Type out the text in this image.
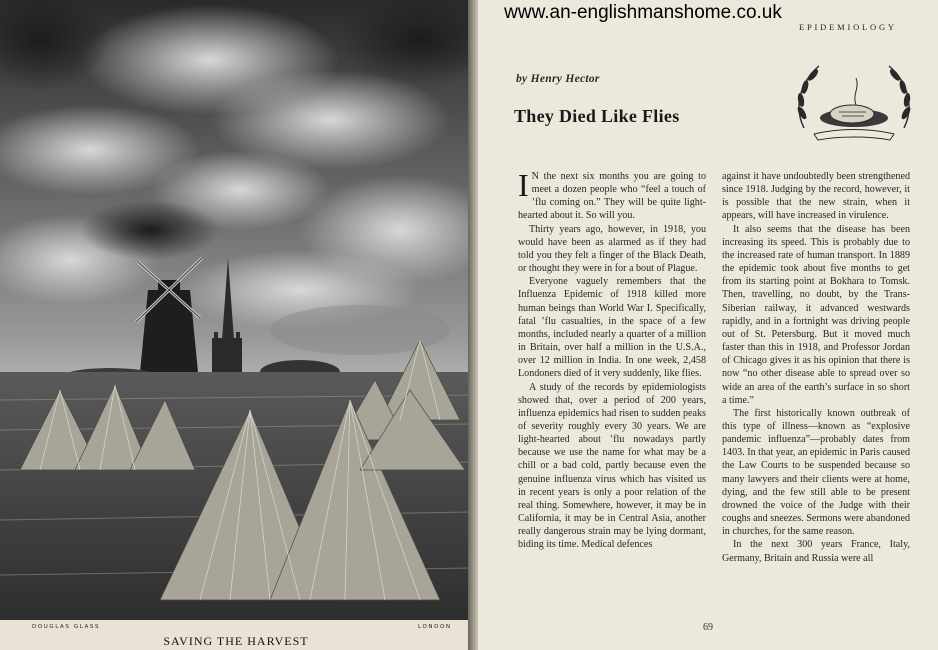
DOUGLAS GLASS	LONDON
SAVING THE HARVEST
www.an-englishmanshome.co.uk
EPIDEMIOLOGY
by Henry Hector
They Died Like Flies

I N the next six months you are going to meet a dozen people who “feel a touch of ’flu coming on.” They will be quite light-hearted about it. So will you.

Thirty years ago, however, in 1918, you would have been as alarmed as if they had told you they felt a finger of the Black Death, or thought they were in for a bout of Plague.

Everyone vaguely remembers that the Influenza Epidemic of 1918 killed more human beings than World War I. Specifically, fatal ’flu casualties, in the space of a few months, included nearly a quarter of a million in Britain, over half a million in the U.S.A., over 12 million in India. In one week, 2,458 Londoners died of it very suddenly, like flies.

A study of the records by epidemiologists showed that, over a period of 200 years, influenza epidemics had risen to sudden peaks of severity roughly every 30 years. We are light-hearted about ’flu nowadays partly because we use the name for what may be a chill or a bad cold, partly because even the genuine influenza virus which has visited us in recent years is only a poor relation of the real thing. Somewhere, however, it may be in California, it may be in Central Asia, another really dangerous strain may be lying dormant, biding its time. Medical defences

against it have undoubtedly been strengthened since 1918. Judging by the record, however, it is possible that the new strain, when it appears, will have increased in virulence.

It also seems that the disease has been increasing its speed. This is probably due to the increased rate of human transport. In 1889 the epidemic took about five months to get from its starting point at Bokhara to Tomsk. Then, travelling, no doubt, by the Trans-Siberian railway, it advanced westwards rapidly, and in a fortnight was driving people out of St. Petersburg. But it moved much faster than this in 1918, and Professor Jordan of Chicago gives it as his opinion that there is now “no other disease able to spread over so wide an area of the earth’s surface in so short a time.”

The first historically known outbreak of this type of illness—known as “explosive pandemic influenza”—probably dates from 1403. In that year, an epidemic in Paris caused the Law Courts to be suspended because so many lawyers and their clients were at home, dying, and the few still able to be present drowned the voice of the Judge with their coughs and sneezes. Sermons were abandoned in churches, for the same reason.

In the next 300 years France, Italy, Germany, Britain and Russia were all

69
